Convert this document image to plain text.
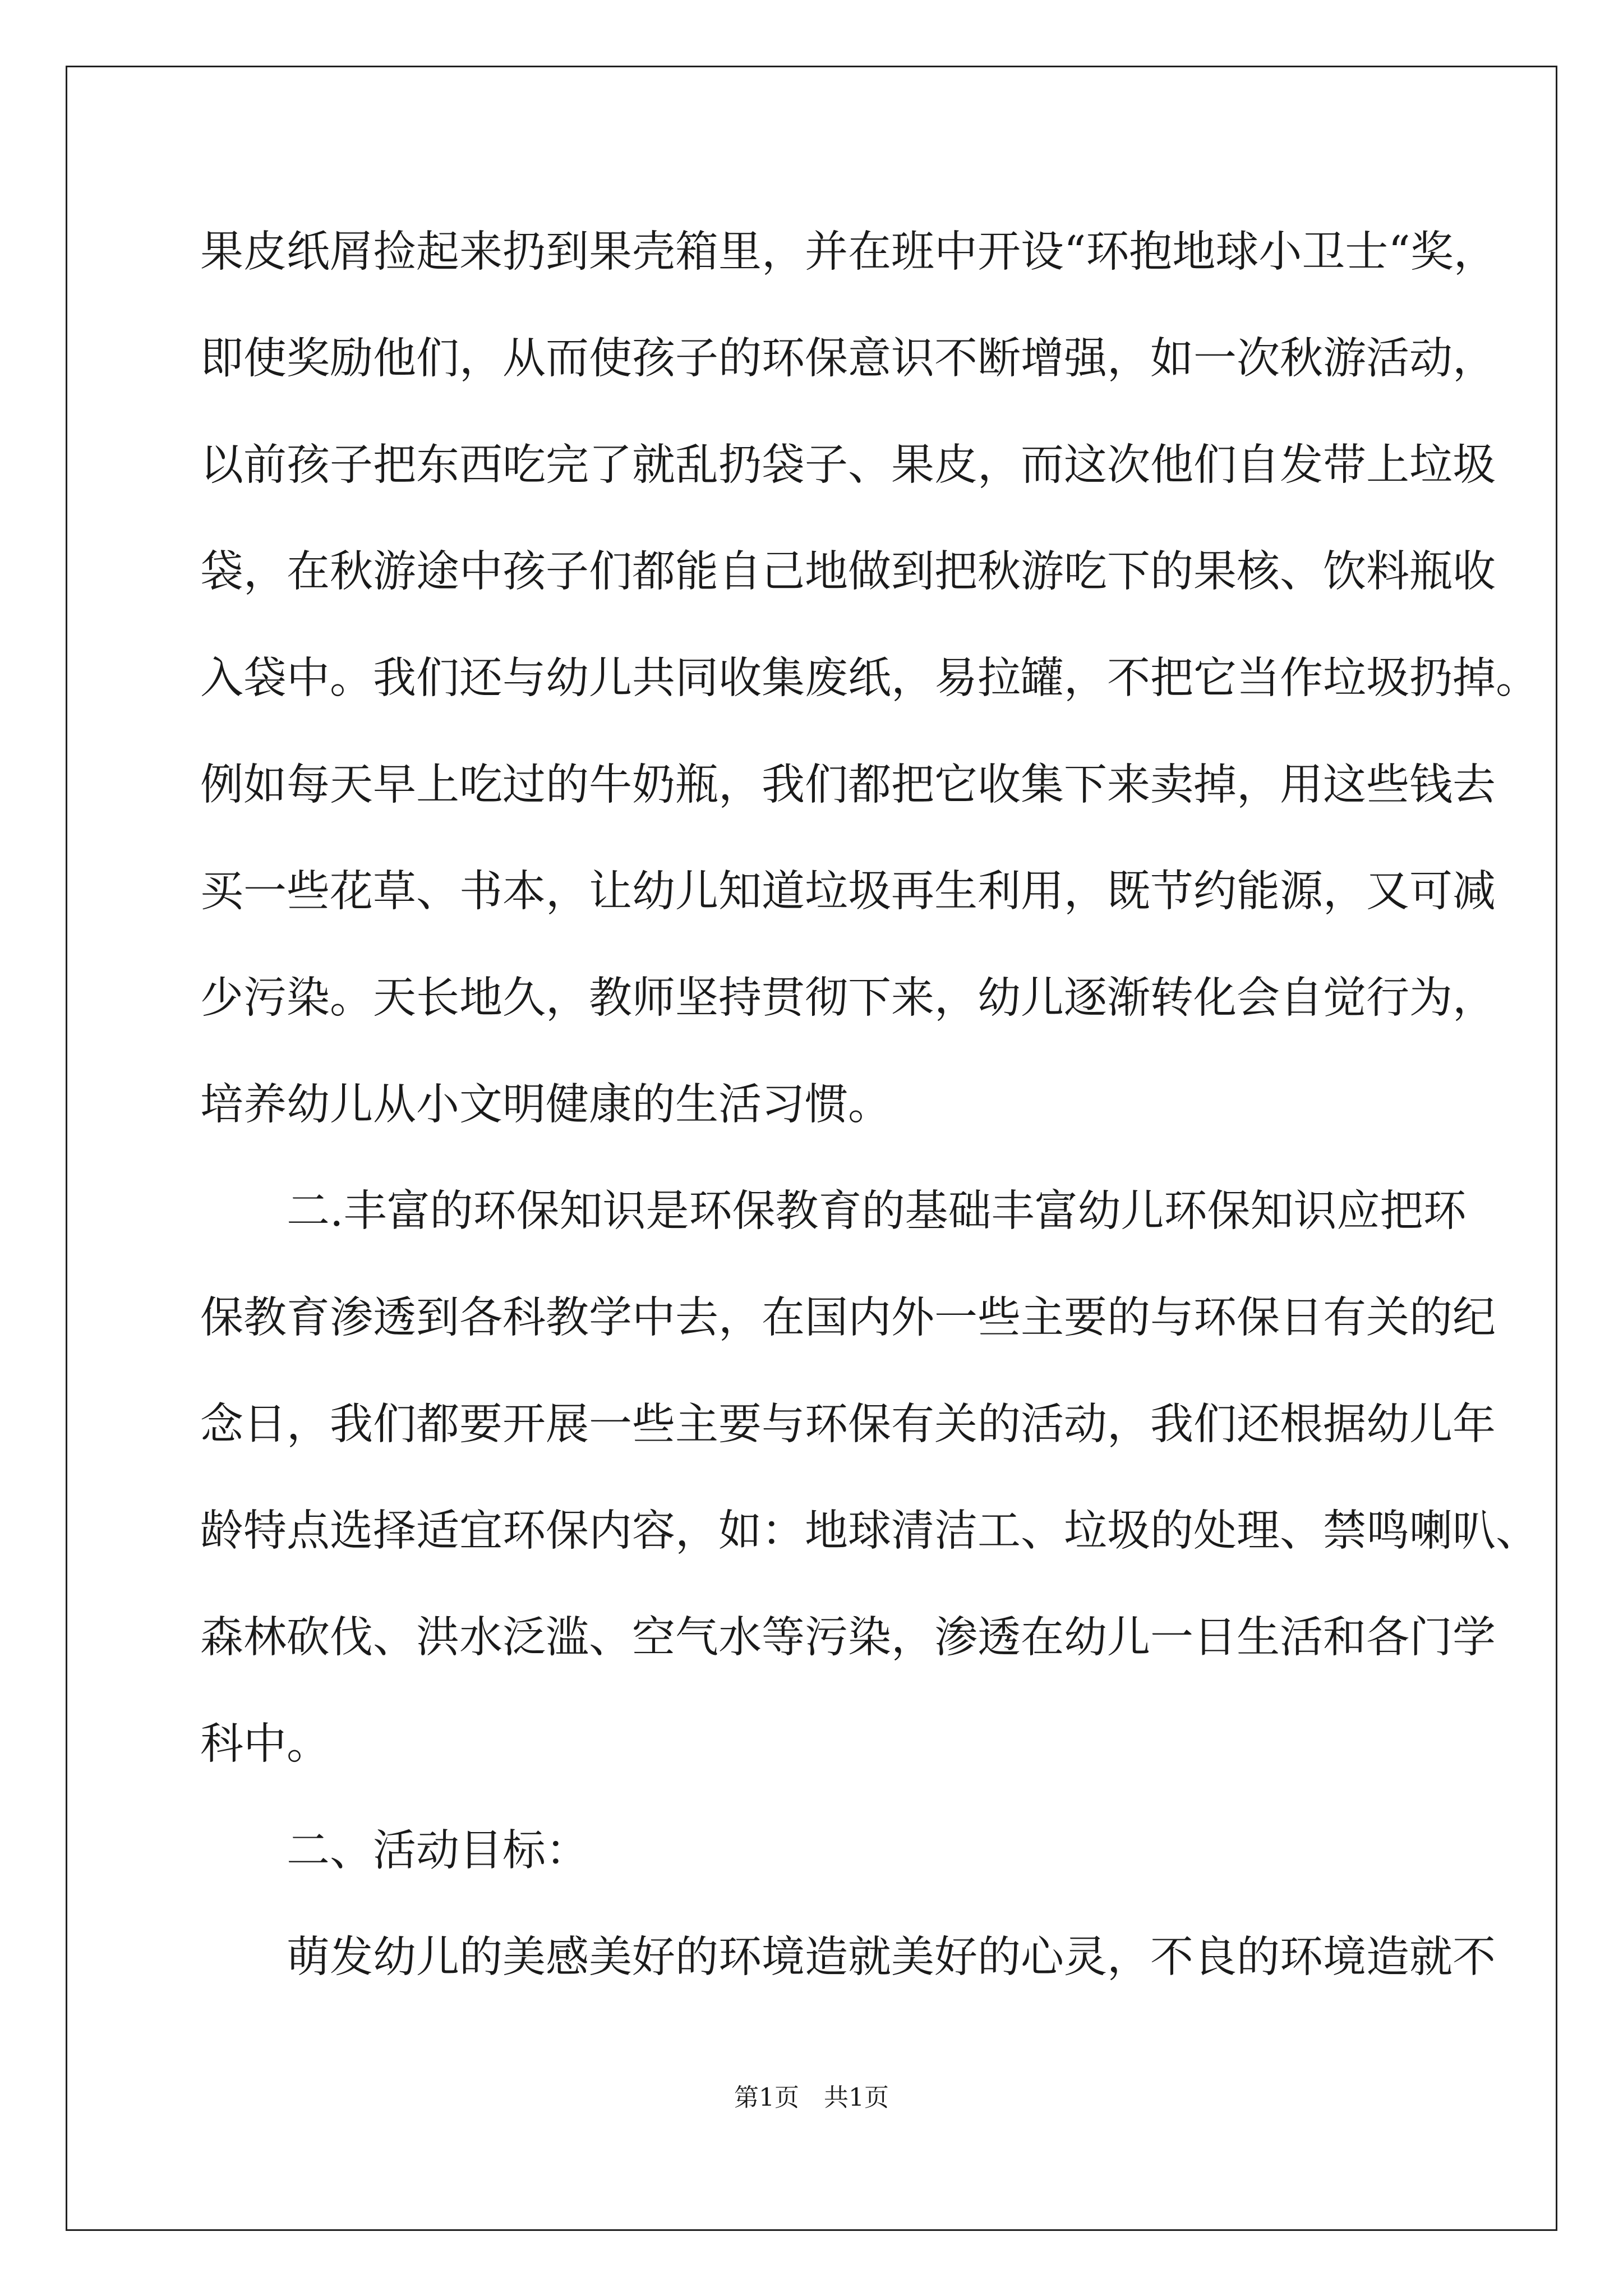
果皮纸屑捡起来扔到果壳箱里，并在班中开设“环抱地球小卫士“奖，

即使奖励他们，从而使孩子的环保意识不断增强，如一次秋游活动，

以前孩子把东西吃完了就乱扔袋子、果皮，而这次他们自发带上垃圾

袋，在秋游途中孩子们都能自己地做到把秋游吃下的果核、饮料瓶收

入袋中。我们还与幼儿共同收集废纸，易拉罐，不把它当作垃圾扔掉。

例如每天早上吃过的牛奶瓶，我们都把它收集下来卖掉，用这些钱去

买一些花草、书本，让幼儿知道垃圾再生利用，既节约能源，又可减

少污染。天长地久，教师坚持贯彻下来，幼儿逐渐转化会自觉行为，

培养幼儿从小文明健康的生活习惯。

　　二.丰富的环保知识是环保教育的基础丰富幼儿环保知识应把环

保教育渗透到各科教学中去，在国内外一些主要的与环保日有关的纪

念日，我们都要开展一些主要与环保有关的活动，我们还根据幼儿年

龄特点选择适宜环保内容，如：地球清洁工、垃圾的处理、禁鸣喇叭、

森林砍伐、洪水泛滥、空气水等污染，渗透在幼儿一日生活和各门学

科中。

　　二、活动目标：

　　萌发幼儿的美感美好的环境造就美好的心灵，不良的环境造就不

第1页　共1页
